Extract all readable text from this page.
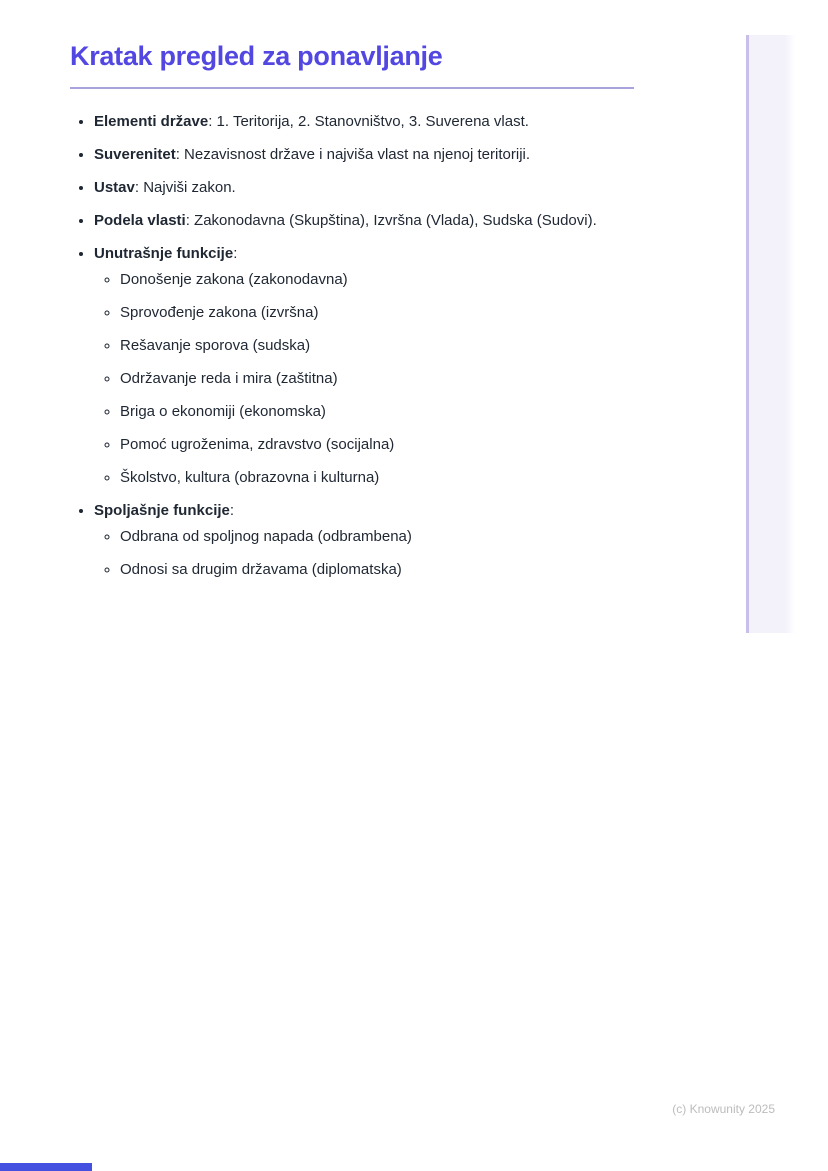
Kratak pregled za ponavljanje
• Elementi države: 1. Teritorija, 2. Stanovništvo, 3. Suverena vlast.
• Suverenitet: Nezavisnost države i najviša vlast na njenoj teritoriji.
• Ustav: Najviši zakon.
• Podela vlasti: Zakonodavna (Skupština), Izvršna (Vlada), Sudska (Sudovi).
• Unutrašnje funkcije:
◦ Donošenje zakona (zakonodavna)
◦ Sprovođenje zakona (izvršna)
◦ Rešavanje sporova (sudska)
◦ Održavanje reda i mira (zaštitna)
◦ Briga o ekonomiji (ekonomska)
◦ Pomoć ugroženima, zdravstvo (socijalna)
◦ Školstvo, kultura (obrazovna i kulturna)
• Spoljašnje funkcije:
◦ Odbrana od spoljnog napada (odbrambena)
◦ Odnosi sa drugim državama (diplomatska)
(c) Knowunity 2025
